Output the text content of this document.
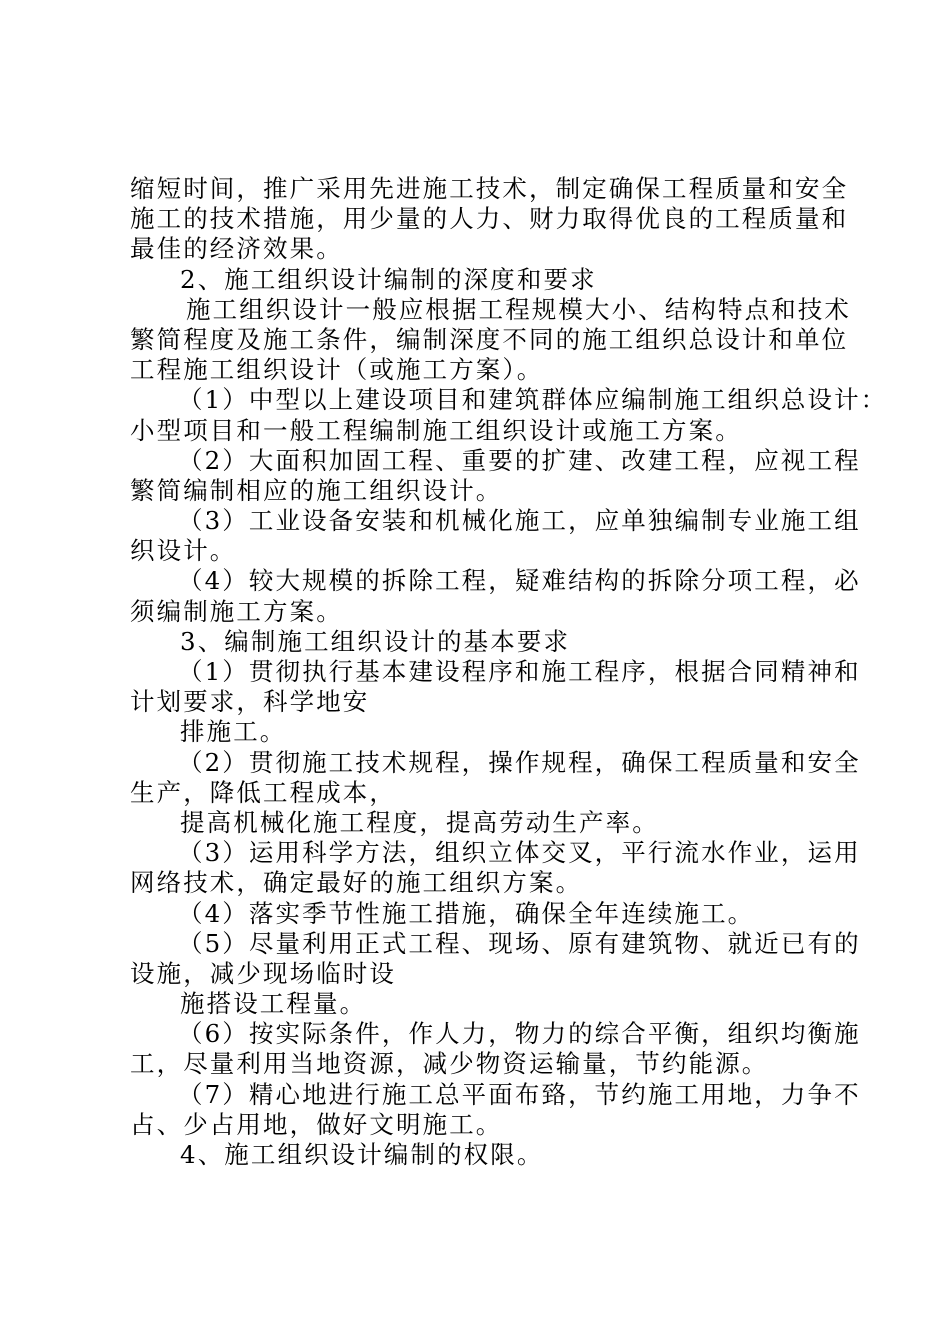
缩短时间，推广采用先进施工技术，制定确保工程质量和安全

施工的技术措施，用少量的人力、财力取得优良的工程质量和

最佳的经济效果。

2、施工组织设计编制的深度和要求

施工组织设计一般应根据工程规模大小、结构特点和技术

繁简程度及施工条件，编制深度不同的施工组织总设计和单位

工程施工组织设计（或施工方案）。

（1）中型以上建设项目和建筑群体应编制施工组织总设计：

小型项目和一般工程编制施工组织设计或施工方案。

（2）大面积加固工程、重要的扩建、改建工程，应视工程

繁简编制相应的施工组织设计。

（3）工业设备安装和机械化施工，应单独编制专业施工组

织设计。

（4）较大规模的拆除工程，疑难结构的拆除分项工程，必

须编制施工方案。

3、编制施工组织设计的基本要求

（1）贯彻执行基本建设程序和施工程序，根据合同精神和

计划要求，科学地安

排施工。

（2）贯彻施工技术规程，操作规程，确保工程质量和安全

生产，降低工程成本，

提高机械化施工程度，提高劳动生产率。

（3）运用科学方法，组织立体交叉，平行流水作业，运用

网络技术，确定最好的施工组织方案。

（4）落实季节性施工措施，确保全年连续施工。

（5）尽量利用正式工程、现场、原有建筑物、就近已有的

设施，减少现场临时设

施搭设工程量。

（6）按实际条件，作人力，物力的综合平衡，组织均衡施

工，尽量利用当地资源，减少物资运输量，节约能源。

（7）精心地进行施工总平面布臵，节约施工用地，力争不

占、少占用地，做好文明施工。

4、施工组织设计编制的权限。
